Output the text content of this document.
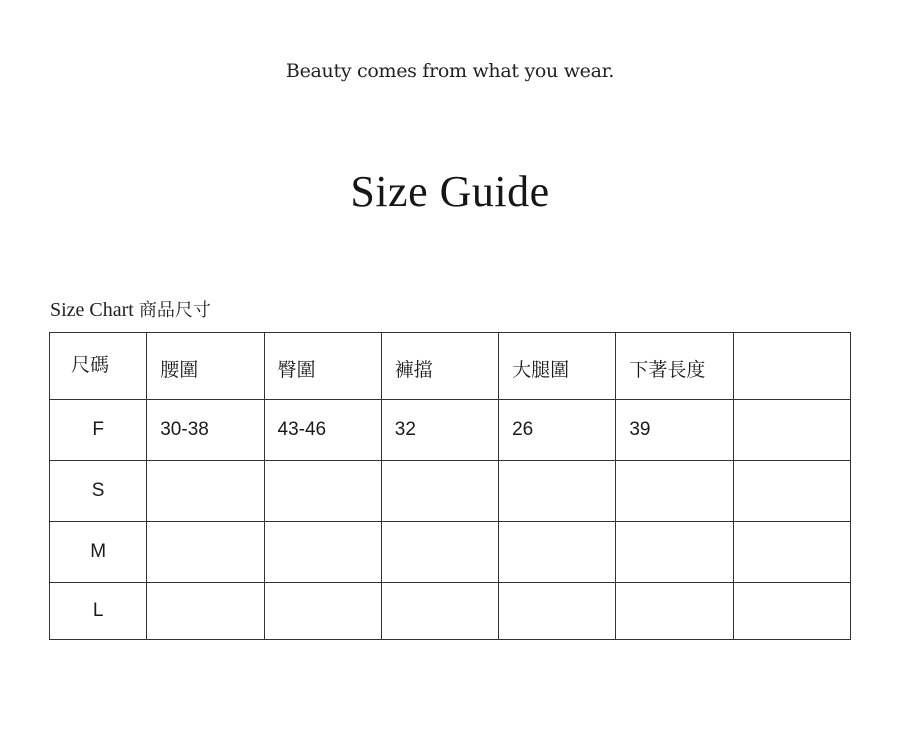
Beauty comes from what you wear.
Size Guide
Size Chart 商品尺寸
尺碼	腰圍	臀圍	褲擋	大腿圍	下著長度	
F	30-38	43-46	32	26	39	
S						
M						
L						
